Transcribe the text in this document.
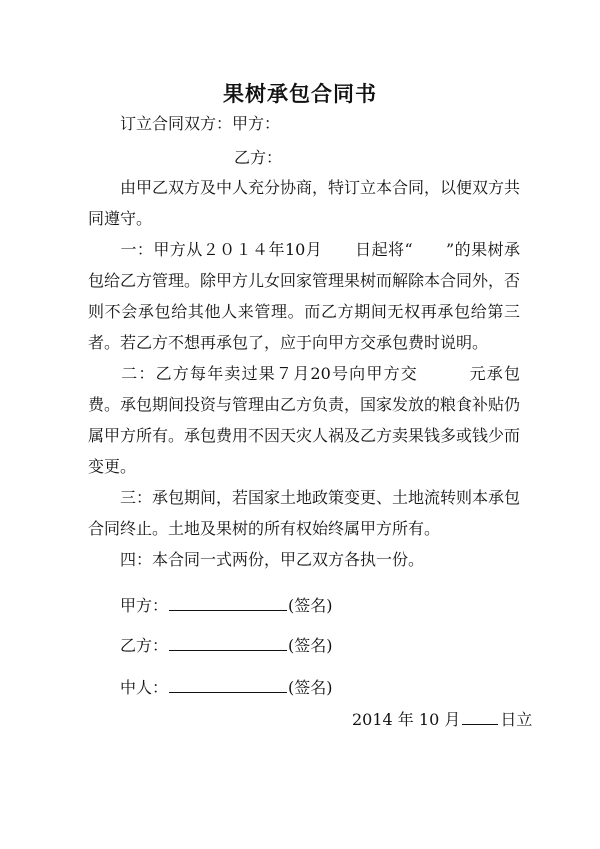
果树承包合同书
订立合同双方：甲方：
乙方：

由甲乙双方及中人充分协商，特订立本合同，以便双方共同遵守。

一：甲方从２０１４年10月　　日起将“　　”的果树承包给乙方管理。除甲方儿女回家管理果树而解除本合同外，否则不会承包给其他人来管理。而乙方期间无权再承包给第三者。若乙方不想再承包了，应于向甲方交承包费时说明。

二：乙方每年卖过果７月20号向甲方交　　　元承包费。承包期间投资与管理由乙方负责，国家发放的粮食补贴仍属甲方所有。承包费用不因天灾人祸及乙方卖果钱多或钱少而变更。

三：承包期间，若国家土地政策变更、土地流转则本承包合同终止。土地及果树的所有权始终属甲方所有。

四：本合同一式两份，甲乙双方各执一份。

甲方：	(签名)
乙方：	(签名)
中人：	(签名)
2014 年 10 月	日立
